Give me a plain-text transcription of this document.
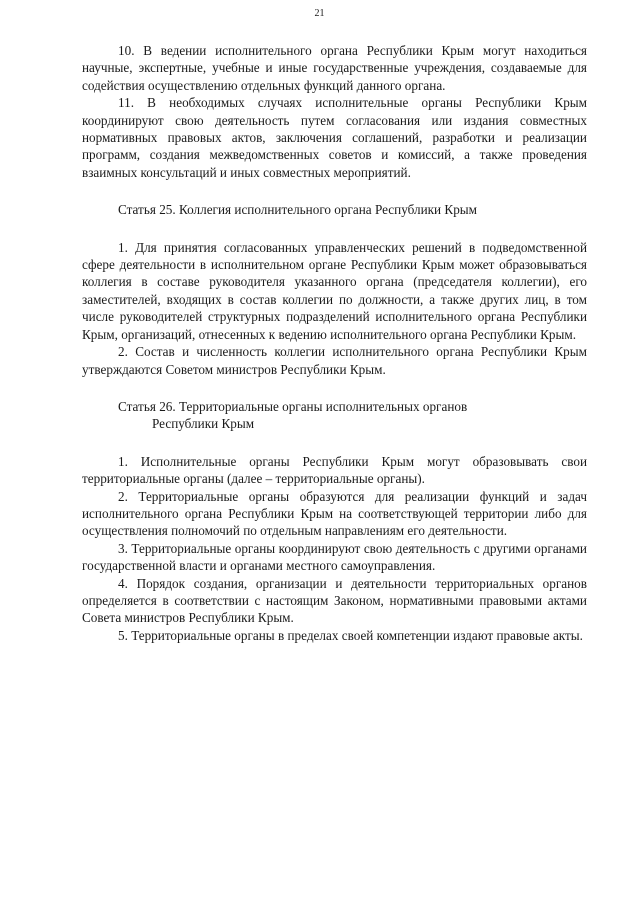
21

10. В ведении исполнительного органа Республики Крым могут находиться научные, экспертные, учебные и иные государственные учреждения, создаваемые для содействия осуществлению отдельных функций данного органа.

11. В необходимых случаях исполнительные органы Республики Крым координируют свою деятельность путем согласования или издания совместных нормативных правовых актов, заключения соглашений, разработки и реализации программ, создания межведомственных советов и комиссий, а также проведения взаимных консультаций и иных совместных мероприятий.

Статья 25. Коллегия исполнительного органа Республики Крым

1. Для принятия согласованных управленческих решений в подведомственной сфере деятельности в исполнительном органе Республики Крым может образовываться коллегия в составе руководителя указанного органа (председателя коллегии), его заместителей, входящих в состав коллегии по должности, а также других лиц, в том числе руководителей структурных подразделений исполнительного органа Республики Крым, организаций, отнесенных к ведению исполнительного органа Республики Крым.

2. Состав и численность коллегии исполнительного органа Республики Крым утверждаются Советом министров Республики Крым.

Статья 26. Территориальные органы исполнительных органов
Республики Крым

1. Исполнительные органы Республики Крым могут образовывать свои территориальные органы (далее – территориальные органы).

2. Территориальные органы образуются для реализации функций и задач исполнительного органа Республики Крым на соответствующей территории либо для осуществления полномочий по отдельным направлениям его деятельности.

3. Территориальные органы координируют свою деятельность с другими органами государственной власти и органами местного самоуправления.

4. Порядок создания, организации и деятельности территориальных органов определяется в соответствии с настоящим Законом, нормативными правовыми актами Совета министров Республики Крым.

5. Территориальные органы в пределах своей компетенции издают правовые акты.
